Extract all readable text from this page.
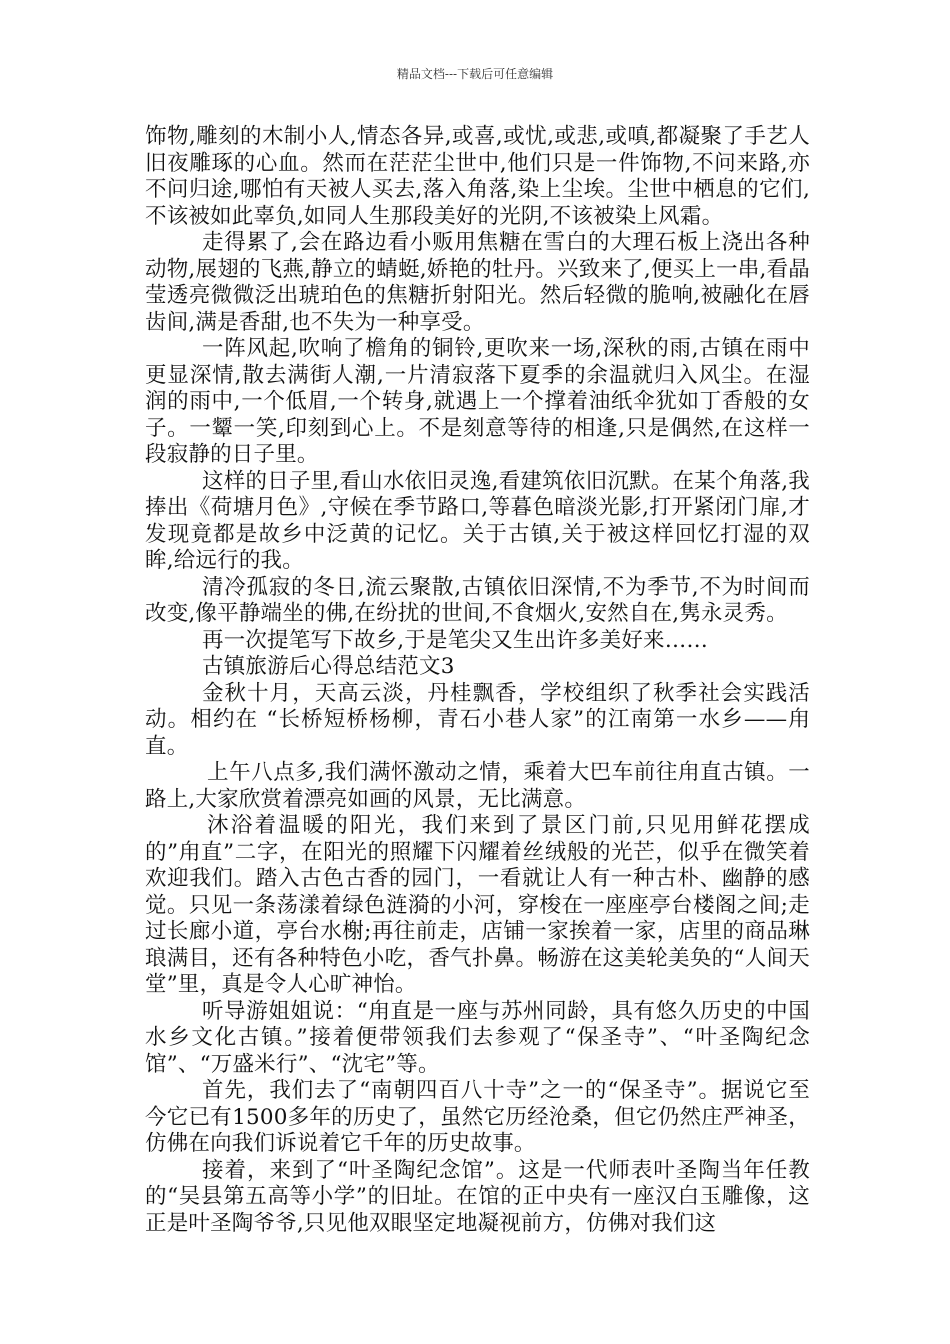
精品文档---下载后可任意编辑

饰物,雕刻的木制小人,情态各异,或喜,或忧,或悲,或嗔,都凝聚了手艺人旧夜雕琢的心血。然而在茫茫尘世中,他们只是一件饰物,不问来路,亦不问归途,哪怕有天被人买去,落入角落,染上尘埃。尘世中栖息的它们,不该被如此辜负,如同人生那段美好的光阴,不该被染上风霜。

走得累了,会在路边看小贩用焦糖在雪白的大理石板上浇出各种动物,展翅的飞燕,静立的蜻蜓,娇艳的牡丹。兴致来了,便买上一串,看晶莹透亮微微泛出琥珀色的焦糖折射阳光。然后轻微的脆响,被融化在唇齿间,满是香甜,也不失为一种享受。

一阵风起,吹响了檐角的铜铃,更吹来一场,深秋的雨,古镇在雨中更显深情,散去满街人潮,一片清寂落下夏季的余温就归入风尘。在湿润的雨中,一个低眉,一个转身,就遇上一个撑着油纸伞犹如丁香般的女子。一颦一笑,印刻到心上。不是刻意等待的相逢,只是偶然,在这样一段寂静的日子里。

这样的日子里,看山水依旧灵逸,看建筑依旧沉默。在某个角落,我捧出《荷塘月色》,守候在季节路口,等暮色暗淡光影,打开紧闭门扉,才发现竟都是故乡中泛黄的记忆。关于古镇,关于被这样回忆打湿的双眸,给远行的我。

清冷孤寂的冬日,流云聚散,古镇依旧深情,不为季节,不为时间而改变,像平静端坐的佛,在纷扰的世间,不食烟火,安然自在,隽永灵秀。

再一次提笔写下故乡,于是笔尖又生出许多美好来……

古镇旅游后心得总结范文3

金秋十月，天高云淡，丹桂飘香，学校组织了秋季社会实践活动。相约在 “长桥短桥杨柳，青石小巷人家”的江南第一水乡——甪直。

上午八点多,我们满怀激动之情，乘着大巴车前往甪直古镇。一路上,大家欣赏着漂亮如画的风景，无比满意。

沐浴着温暖的阳光，我们来到了景区门前,只见用鲜花摆成的”甪直”二字，在阳光的照耀下闪耀着丝绒般的光芒，似乎在微笑着欢迎我们。踏入古色古香的园门，一看就让人有一种古朴、幽静的感觉。只见一条荡漾着绿色涟漪的小河，穿梭在一座座亭台楼阁之间;走过长廊小道，亭台水榭;再往前走，店铺一家挨着一家，店里的商品琳琅满目，还有各种特色小吃，香气扑鼻。畅游在这美轮美奂的“人间天堂”里，真是令人心旷神怡。

听导游姐姐说：“甪直是一座与苏州同龄，具有悠久历史的中国水乡文化古镇。”接着便带领我们去参观了“保圣寺”、“叶圣陶纪念馆”、“万盛米行”、“沈宅”等。

首先，我们去了“南朝四百八十寺”之一的“保圣寺”。据说它至今它已有1500多年的历史了，虽然它历经沧桑，但它仍然庄严神圣，仿佛在向我们诉说着它千年的历史故事。

接着，来到了“叶圣陶纪念馆”。这是一代师表叶圣陶当年任教的“吴县第五高等小学”的旧址。在馆的正中央有一座汉白玉雕像，这正是叶圣陶爷爷,只见他双眼坚定地凝视前方，仿佛对我们这
